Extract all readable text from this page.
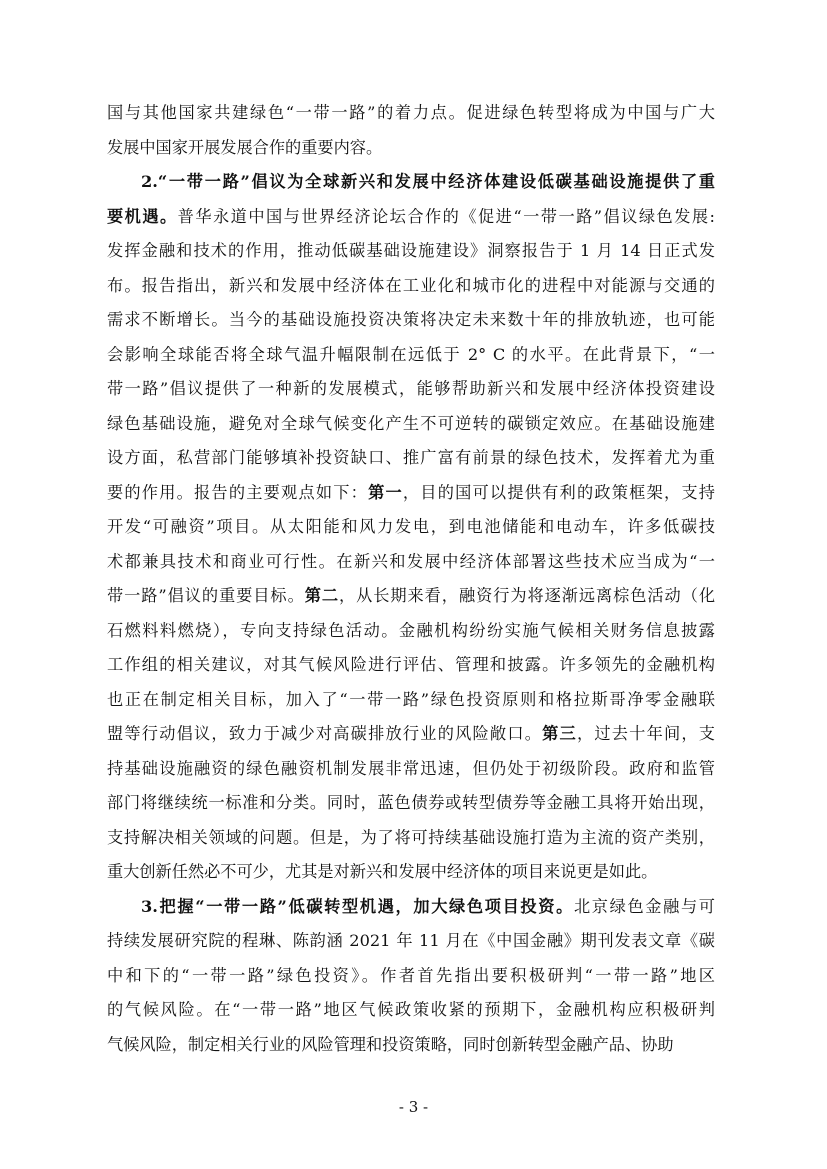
国与其他国家共建绿色“一带一路”的着力点。促进绿色转型将成为中国与广大
发展中国家开展发展合作的重要内容。
2.“一带一路”倡议为全球新兴和发展中经济体建设低碳基础设施提供了重
要机遇。普华永道中国与世界经济论坛合作的《促进“一带一路”倡议绿色发展:
发挥金融和技术的作用，推动低碳基础设施建设》洞察报告于 1 月 14 日正式发
布。报告指出，新兴和发展中经济体在工业化和城市化的进程中对能源与交通的
需求不断增长。当今的基础设施投资决策将决定未来数十年的排放轨迹，也可能
会影响全球能否将全球气温升幅限制在远低于 2° C 的水平。在此背景下，“一
带一路”倡议提供了一种新的发展模式，能够帮助新兴和发展中经济体投资建设
绿色基础设施，避免对全球气候变化产生不可逆转的碳锁定效应。在基础设施建
设方面，私营部门能够填补投资缺口、推广富有前景的绿色技术，发挥着尤为重
要的作用。报告的主要观点如下：第一，目的国可以提供有利的政策框架，支持
开发“可融资”项目。从太阳能和风力发电，到电池储能和电动车，许多低碳技
术都兼具技术和商业可行性。在新兴和发展中经济体部署这些技术应当成为“一
带一路”倡议的重要目标。第二，从长期来看，融资行为将逐渐远离棕色活动（化
石燃料料燃烧），专向支持绿色活动。金融机构纷纷实施气候相关财务信息披露
工作组的相关建议，对其气候风险进行评估、管理和披露。许多领先的金融机构
也正在制定相关目标，加入了“一带一路”绿色投资原则和格拉斯哥净零金融联
盟等行动倡议，致力于减少对高碳排放行业的风险敞口。第三，过去十年间，支
持基础设施融资的绿色融资机制发展非常迅速，但仍处于初级阶段。政府和监管
部门将继续统一标准和分类。同时，蓝色债券或转型债券等金融工具将开始出现，
支持解决相关领域的问题。但是，为了将可持续基础设施打造为主流的资产类别，
重大创新任然必不可少，尤其是对新兴和发展中经济体的项目来说更是如此。
3.把握“一带一路”低碳转型机遇，加大绿色项目投资。北京绿色金融与可
持续发展研究院的程琳、陈韵涵 2021 年 11 月在《中国金融》期刊发表文章《碳
中和下的“一带一路”绿色投资》。作者首先指出要积极研判“一带一路”地区
的气候风险。在“一带一路”地区气候政策收紧的预期下，金融机构应积极研判
气候风险，制定相关行业的风险管理和投资策略，同时创新转型金融产品、协助
- 3 -
